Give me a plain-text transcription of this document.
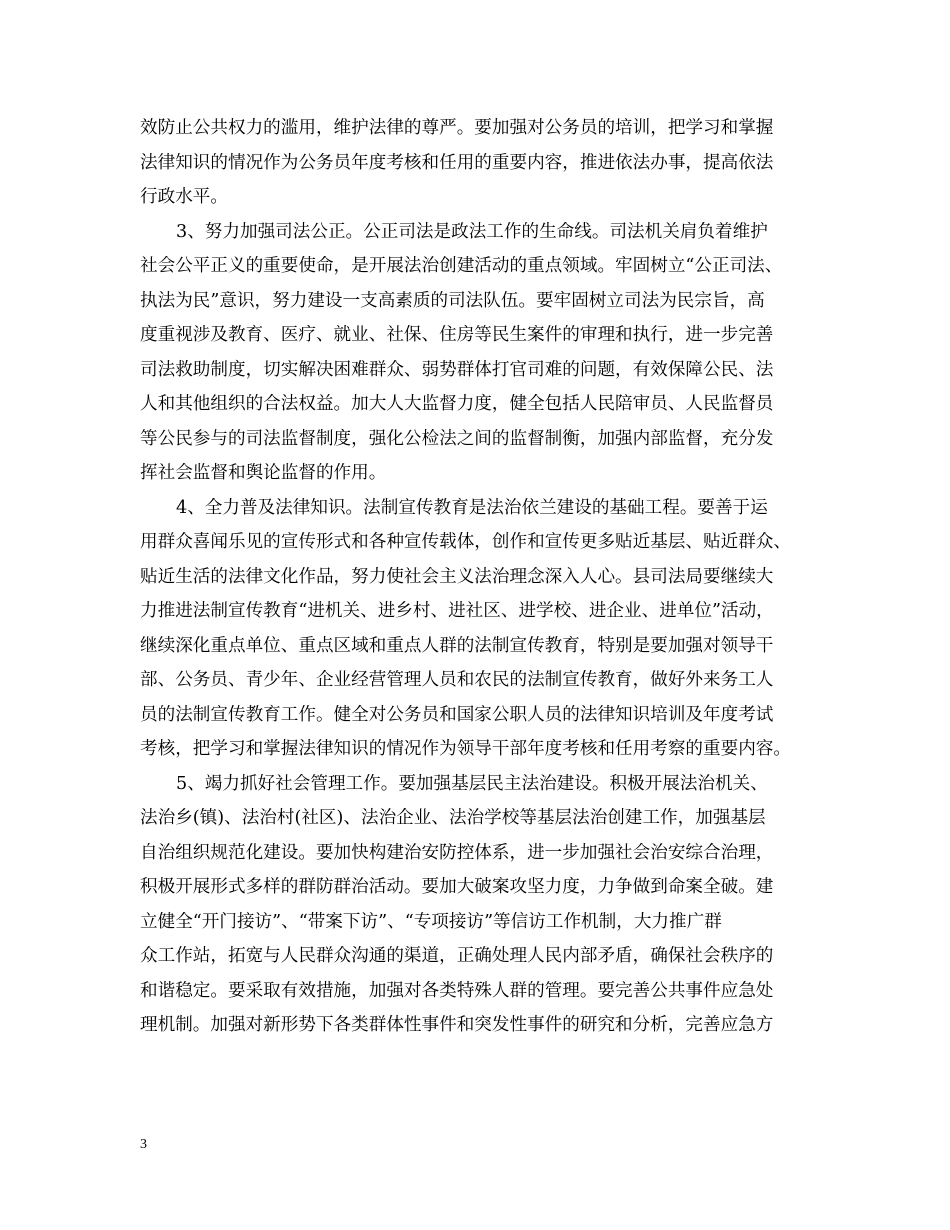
效防止公共权力的滥用，维护法律的尊严。要加强对公务员的培训，把学习和掌握
法律知识的情况作为公务员年度考核和任用的重要内容，推进依法办事，提高依法
行政水平。
3、努力加强司法公正。公正司法是政法工作的生命线。司法机关肩负着维护
社会公平正义的重要使命，是开展法治创建活动的重点领域。牢固树立“公正司法、
执法为民”意识，努力建设一支高素质的司法队伍。要牢固树立司法为民宗旨，高
度重视涉及教育、医疗、就业、社保、住房等民生案件的审理和执行，进一步完善
司法救助制度，切实解决困难群众、弱势群体打官司难的问题，有效保障公民、法
人和其他组织的合法权益。加大人大监督力度，健全包括人民陪审员、人民监督员
等公民参与的司法监督制度，强化公检法之间的监督制衡，加强内部监督，充分发
挥社会监督和舆论监督的作用。
4、全力普及法律知识。法制宣传教育是法治依兰建设的基础工程。要善于运
用群众喜闻乐见的宣传形式和各种宣传载体，创作和宣传更多贴近基层、贴近群众、
贴近生活的法律文化作品，努力使社会主义法治理念深入人心。县司法局要继续大
力推进法制宣传教育“进机关、进乡村、进社区、进学校、进企业、进单位”活动，
继续深化重点单位、重点区域和重点人群的法制宣传教育，特别是要加强对领导干
部、公务员、青少年、企业经营管理人员和农民的法制宣传教育，做好外来务工人
员的法制宣传教育工作。健全对公务员和国家公职人员的法律知识培训及年度考试
考核，把学习和掌握法律知识的情况作为领导干部年度考核和任用考察的重要内容。
5、竭力抓好社会管理工作。要加强基层民主法治建设。积极开展法治机关、
法治乡(镇)、法治村(社区)、法治企业、法治学校等基层法治创建工作，加强基层
自治组织规范化建设。要加快构建治安防控体系，进一步加强社会治安综合治理，
积极开展形式多样的群防群治活动。要加大破案攻坚力度，力争做到命案全破。建
立健全“开门接访”、“带案下访”、“专项接访”等信访工作机制，大力推广群
众工作站，拓宽与人民群众沟通的渠道，正确处理人民内部矛盾，确保社会秩序的
和谐稳定。要采取有效措施，加强对各类特殊人群的管理。要完善公共事件应急处
理机制。加强对新形势下各类群体性事件和突发性事件的研究和分析，完善应急方
3
